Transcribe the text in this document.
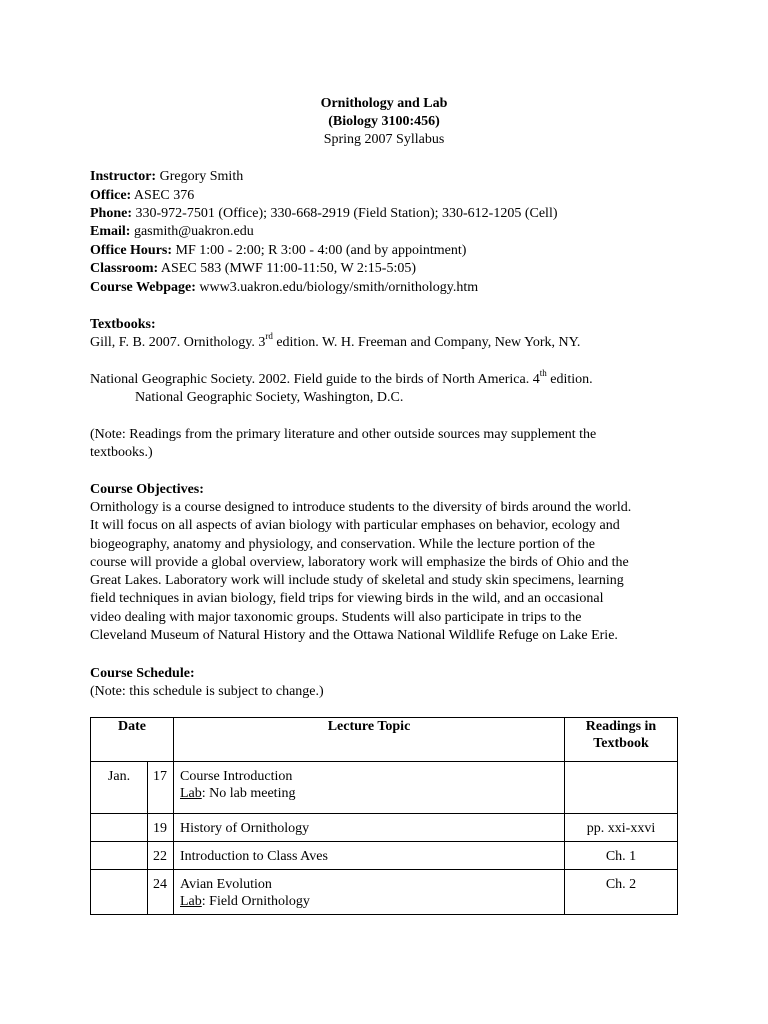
Ornithology and Lab
(Biology 3100:456)
Spring 2007 Syllabus
Instructor: Gregory Smith
Office: ASEC 376
Phone: 330-972-7501 (Office); 330-668-2919 (Field Station); 330-612-1205 (Cell)
Email: gasmith@uakron.edu
Office Hours: MF 1:00 - 2:00; R 3:00 - 4:00 (and by appointment)
Classroom: ASEC 583 (MWF 11:00-11:50, W 2:15-5:05)
Course Webpage: www3.uakron.edu/biology/smith/ornithology.htm
Textbooks:
Gill, F. B. 2007. Ornithology. 3rd edition. W. H. Freeman and Company, New York, NY.
National Geographic Society. 2002. Field guide to the birds of North America. 4th edition.
National Geographic Society, Washington, D.C.
(Note: Readings from the primary literature and other outside sources may supplement the
textbooks.)
Course Objectives:
Ornithology is a course designed to introduce students to the diversity of birds around the world.
It will focus on all aspects of avian biology with particular emphases on behavior, ecology and
biogeography, anatomy and physiology, and conservation. While the lecture portion of the
course will provide a global overview, laboratory work will emphasize the birds of Ohio and the
Great Lakes. Laboratory work will include study of skeletal and study skin specimens, learning
field techniques in avian biology, field trips for viewing birds in the wild, and an occasional
video dealing with major taxonomic groups. Students will also participate in trips to the
Cleveland Museum of Natural History and the Ottawa National Wildlife Refuge on Lake Erie.
Course Schedule:
(Note: this schedule is subject to change.)
Date		Lecture Topic	Readings in
Textbook
Jan.	17	Course Introduction
Lab: No lab meeting	
	19	History of Ornithology	pp. xxi-xxvi
	22	Introduction to Class Aves	Ch. 1
	24	Avian Evolution
Lab: Field Ornithology	Ch. 2
